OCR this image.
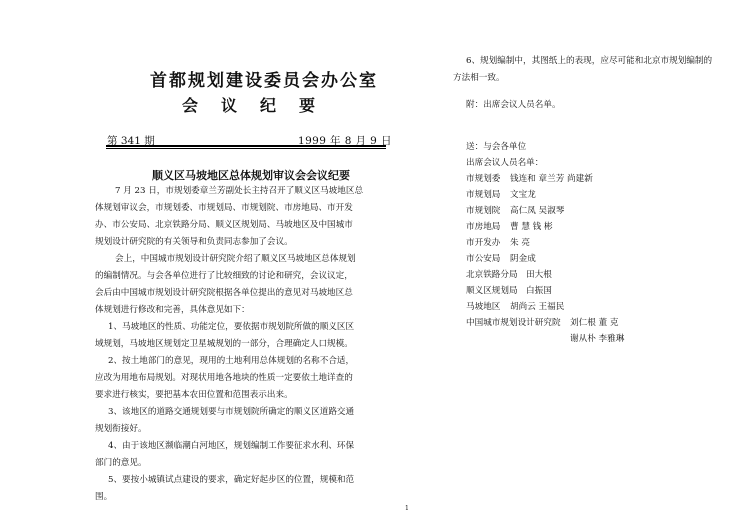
首都规划建设委员会办公室
会议纪要
第 341 期	1999 年 8 月 9 日
顺义区马坡地区总体规划审议会会议纪要
7 月 23 日，市规划委章兰芳副处长主持召开了顺义区马坡地区总
体规划审议会，市规划委、市规划局、市规划院、市房地局、市开发
办、市公安局、北京铁路分局、顺义区规划局、马坡地区及中国城市
规划设计研究院的有关领导和负责同志参加了会议。
会上，中国城市规划设计研究院介绍了顺义区马坡地区总体规划
的编制情况。与会各单位进行了比较细致的讨论和研究，会议议定，
会后由中国城市规划设计研究院根据各单位提出的意见对马坡地区总
体规划进行修改和完善，具体意见如下：
1、马坡地区的性质、功能定位，要依据市规划院所做的顺义区区
域规划，马坡地区规划定卫星城规划的一部分，合理确定人口规模。
2、按土地部门的意见，现用的土地利用总体规划的名称不合适，
应改为用地布局规划。对现状用地各地块的性质一定要依土地详查的
要求进行核实，要把基本农田位置和范围表示出来。
3、该地区的道路交通规划要与市规划院所确定的顺义区道路交通
规划衔接好。
4、由于该地区濒临潮白河地区，规划编制工作要征求水利、环保
部门的意见。
5、要按小城镇试点建设的要求，确定好起步区的位置，规模和范
围。
6、规划编制中，其图纸上的表现，应尽可能和北京市规划编制的
方法相一致。
附：出席会议人员名单。
送：与会各单位
出席会议人员名单：
市规划委 钱连和 章兰芳 尚建新
市规划局 文宝龙
市规划院 高仁凤 吴淑琴
市房地局 曹 慧 钱 彬
市开发办 朱 亮
市公安局 阴金成
北京铁路分局 田大根
顺义区规划局 白振国
马坡地区 胡尚云 王福民
中国城市规划设计研究院 刘仁根 董 克
谢从朴 李雅琳
1
